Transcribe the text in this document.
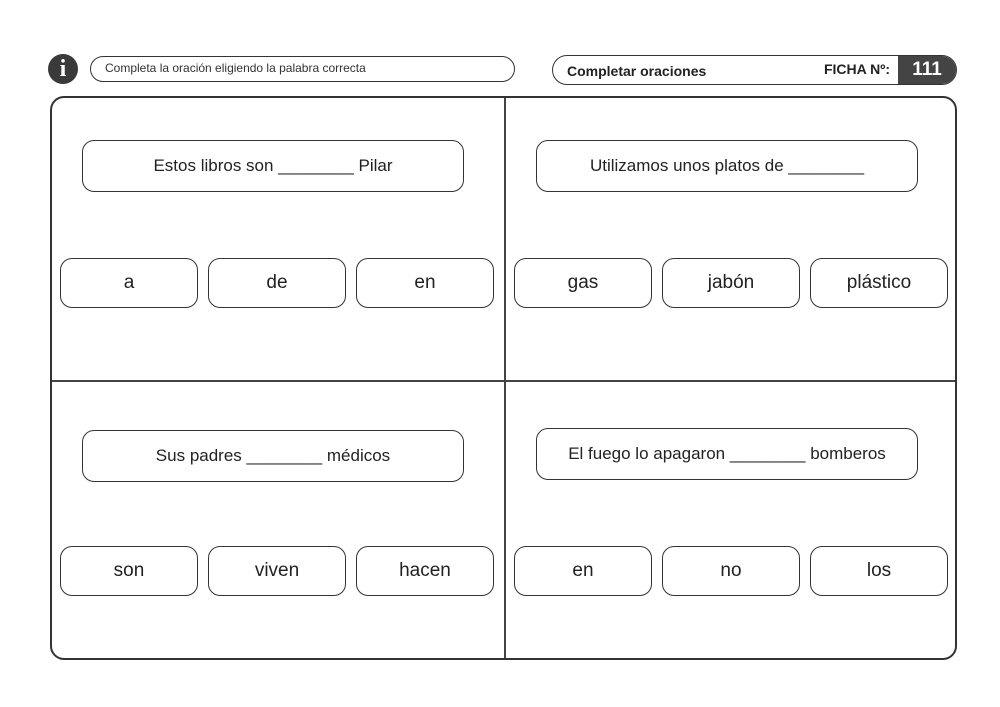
i	Completa la oración eligiendo la palabra correcta	Completar oraciones	FICHA Nº:	111
Estos libros son ________ Pilar
a	de	en
Utilizamos unos platos de ________
gas	jabón	plástico
Sus padres ________ médicos
son	viven	hacen
El fuego lo apagaron ________ bomberos
en	no	los
